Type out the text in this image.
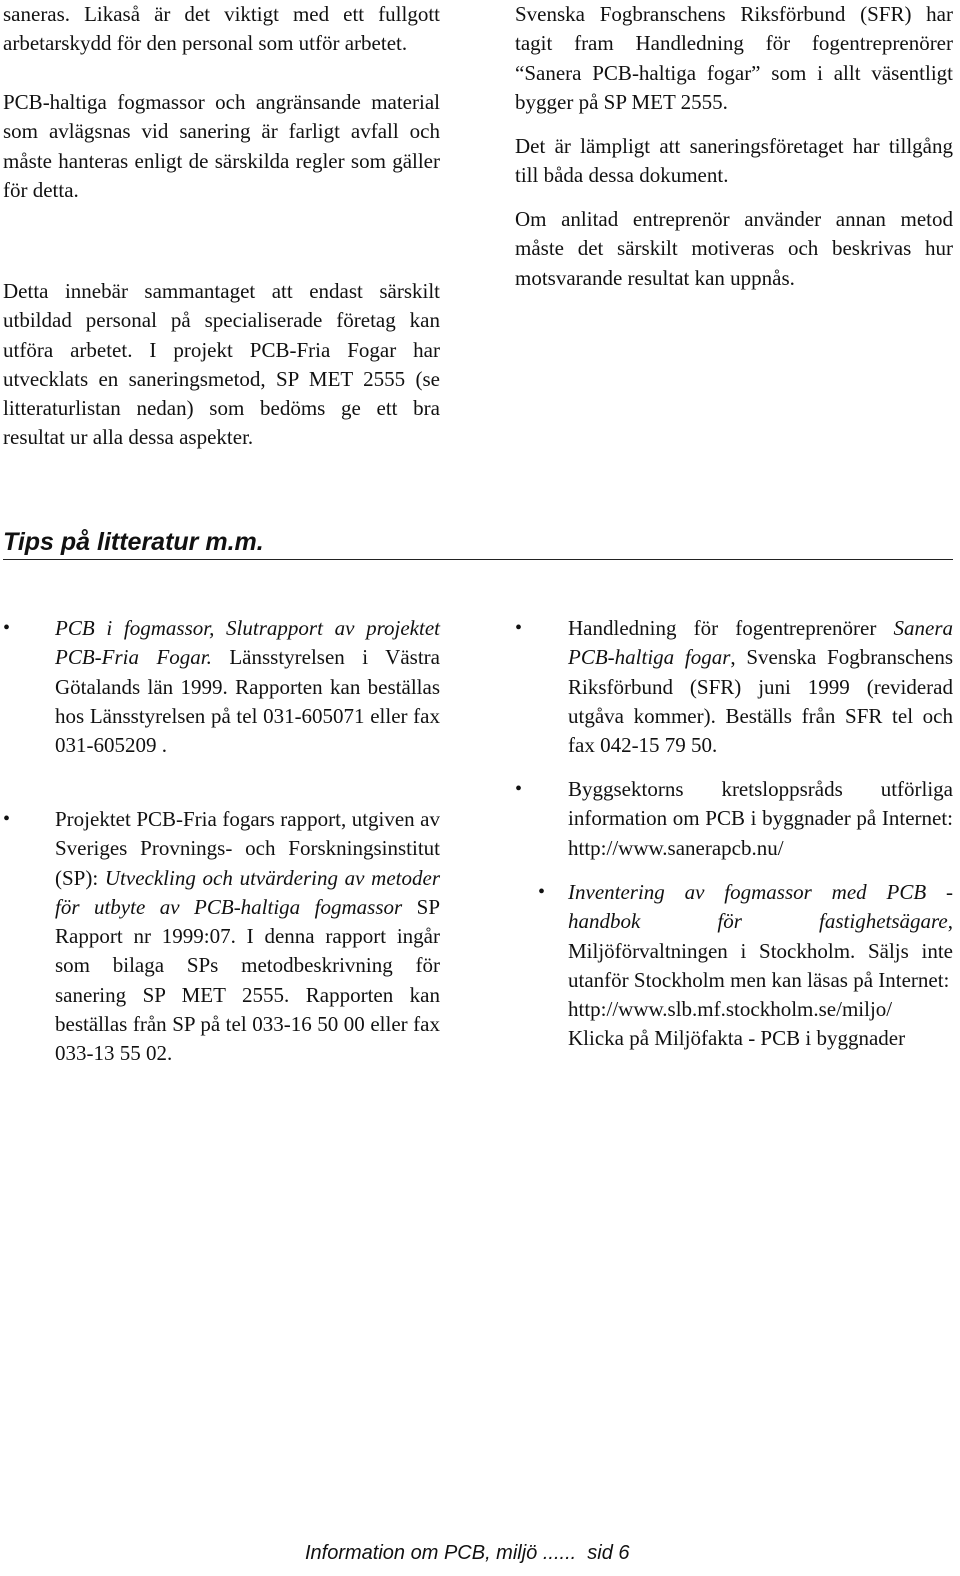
saneras. Likaså är det viktigt med ett fullgott arbetarskydd för den personal som utför arbetet.

PCB-haltiga fogmassor och angränsande material som avlägsnas vid sanering är farligt avfall och måste hanteras enligt de särskilda regler som gäller för detta.

Detta innebär sammantaget att endast särskilt utbildad personal på specialiserade företag kan utföra arbetet. I projekt PCB-Fria Fogar har utvecklats en saneringsmetod, SP MET 2555 (se litteraturlistan nedan) som bedöms ge ett bra resultat ur alla dessa aspekter.

Svenska Fogbranschens Riksförbund (SFR) har tagit fram Handledning för fogentreprenörer “Sanera PCB-haltiga fogar” som i allt väsentligt bygger på SP MET 2555.

Det är lämpligt att saneringsföretaget har tillgång till båda dessa dokument.

Om anlitad entreprenör använder annan metod måste det särskilt motiveras och beskrivas hur motsvarande resultat kan uppnås.

Tips på litteratur m.m.
• PCB i fogmassor, Slutrapport av projektet PCB-Fria Fogar. Länsstyrelsen i Västra Götalands län 1999. Rapporten kan beställas hos Länsstyrelsen på tel 031-605071 eller fax 031-605209 .

• Projektet PCB-Fria fogars rapport, utgiven av Sveriges Provnings- och Forskningsinstitut (SP): Utveckling och utvärdering av metoder för utbyte av PCB-haltiga fogmassor SP Rapport nr 1999:07. I denna rapport ingår som bilaga SPs metodbeskrivning för sanering SP MET 2555. Rapporten kan beställas från SP på tel 033-16 50 00 eller fax 033-13 55 02.

• Handledning för fogentreprenörer Sanera PCB-haltiga fogar, Svenska Fogbranschens Riksförbund (SFR) juni 1999 (reviderad utgåva kommer). Beställs från SFR tel och fax 042-15 79 50.

• Byggsektorns kretsloppsråds utförliga information om PCB i byggnader på Internet: http://www.sanerapcb.nu/

• Inventering av fogmassor med PCB - handbok för fastighetsägare, Miljöförvaltningen i Stockholm. Säljs inte utanför Stockholm men kan läsas på Internet:

http://www.slb.mf.stockholm.se/miljo/

Klicka på Miljöfakta - PCB i byggnader

Information om PCB, miljö ......  sid 6
